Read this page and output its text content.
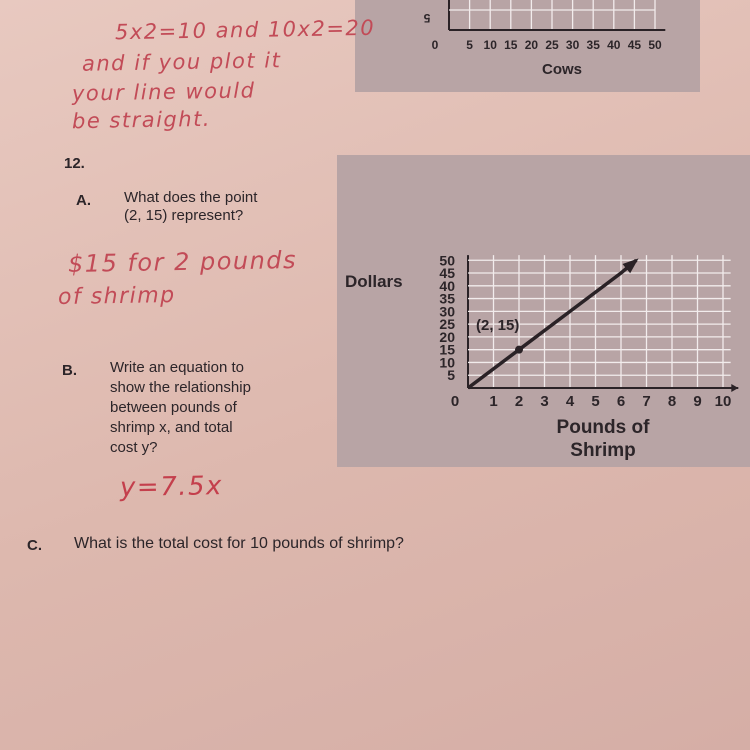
5
0 5 10 15 20 25 30 35 40 45 50
Cows
5x2=10 and 10x2=20
and if you plot it
your line would
be straight.
12.
A. What does the point
(2, 15) represent?
$15 for 2 pounds
of shrimp
B. Write an equation to
show the relationship
between pounds of
shrimp x, and total
cost y?
y=7.5x
C. What is the total cost for 10 pounds of shrimp?
5
10
15
20
25
30
35
40
45
50
0 1 2 3 4 5 6 7 8 9 10
(2, 15)
Dollars
Pounds of
Shrimp
